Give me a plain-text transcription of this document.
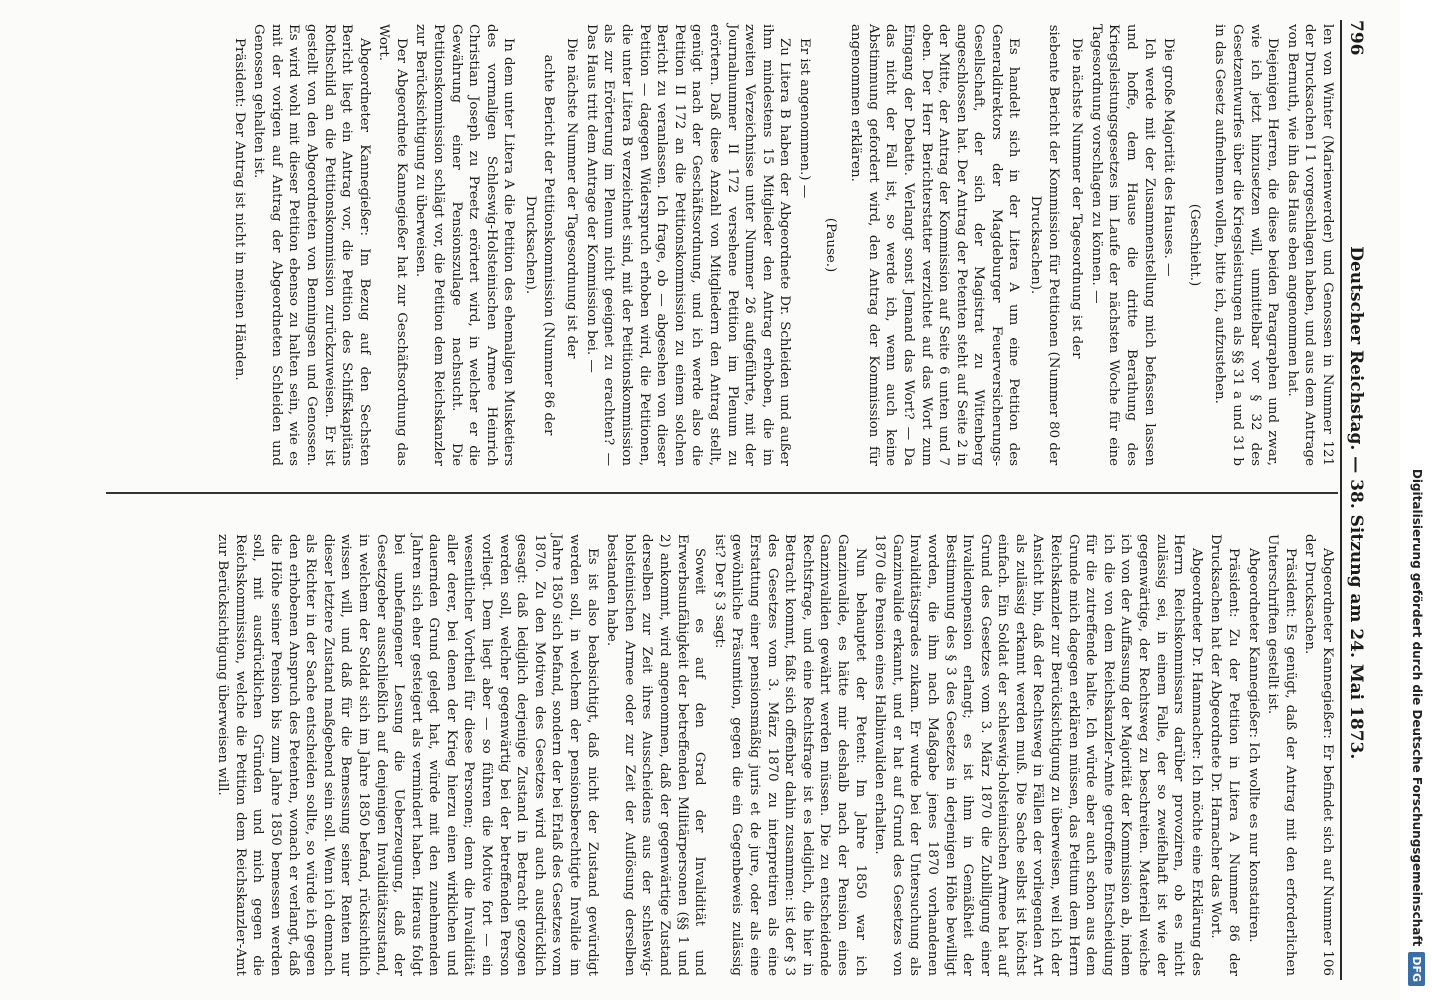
796
Deutscher Reichstag. — 38. Sitzung am 24. Mai 1873.

len von Winter (Marienwerder) und Genossen in Nummer 121 der Drucksachen I 1 vorgeschlagen haben, und aus dem Antrage von Bernuth, wie ihn das Haus eben angenommen hat.

Diejenigen Herren, die diese beiden Paragraphen und zwar, wie ich jetzt hinzusetzen will, unmittelbar vor § 32 des Gesetzentwurfes über die Kriegsleistungen als §§ 31 a und 31 b in das Gesetz aufnehmen wollen, bitte ich, aufzustehen.

(Geschieht.)

Die große Majorität des Hauses. —

Ich werde mit der Zusammenstellung mich befassen lassen und hoffe, dem Hause die dritte Berathung des Kriegsleistungsgesetzes im Laufe der nächsten Woche für eine Tagesordnung vorschlagen zu können. —

Die nächste Nummer der Tagesordnung ist der

siebente Bericht der Kommission für Petitionen (Nummer 80 der Drucksachen).

Es handelt sich in der Litera A um eine Petition des Generaldirektors der Magdeburger Feuerversicherungs-Gesellschaft, der sich der Magistrat zu Wittenberg angeschlossen hat. Der Antrag der Petenten steht auf Seite 2 in der Mitte, der Antrag der Kommission auf Seite 6 unten und 7 oben. Der Herr Berichterstatter verzichtet auf das Wort zum Eingang der Debatte. Verlangt sonst Jemand das Wort? — Da das nicht der Fall ist, so werde ich, wenn auch keine Abstimmung gefordert wird, den Antrag der Kommission für angenommen erklären.

(Pause.)

Er ist angenommen.) —

Zu Litera B haben der Abgeordnete Dr. Schleiden und außer ihm mindestens 15 Mitglieder den Antrag erhoben, die im zweiten Verzeichnisse unter Nummer 26 aufgeführte, mit der Journalnummer II 172 versehene Petition im Plenum zu erörtern. Daß diese Anzahl von Mitgliedern den Antrag stellt, genügt nach der Geschäftsordnung, und ich werde also die Petition II 172 an die Petitionskommission zu einem solchen Bericht zu veranlassen. Ich frage, ob — abgesehen von dieser Petition — dagegen Widerspruch erhoben wird, die Petitionen, die unter Litera B verzeichnet sind, mit der Petitionskommission als zur Erörterung im Plenum nicht geeignet zu erachten? — Das Haus tritt dem Antrage der Kommission bei. —

Die nächste Nummer der Tagesordnung ist der

achte Bericht der Petitionskommission (Nummer 86 der Drucksachen).

In dem unter Litera A die Petition des ehemaligen Musketiers des vormaligen Schleswig-Holsteinischen Armee Heinrich Christian Joseph zu Preetz erörtert wird, in welcher er die Gewährung einer Pensionszulage nachsucht. Die Petitionskommission schlägt vor, die Petition dem Reichskanzler zur Berücksichtigung zu überweisen.

Der Abgeordnete Kannegießer hat zur Geschäftsordnung das Wort.

Abgeordneter Kannegießer: Im Bezug auf den Sechsten Bericht liegt ein Antrag vor, die Petition des Schiffskapitäns Rothschild an die Petitionskommission zurückzuweisen. Er ist gestellt von den Abgeordneten von Benningsen und Genossen. Es wird wohl mit dieser Petition ebenso zu halten sein, wie es mit der vorigen auf Antrag der Abgeordneten Schleiden und Genossen gehalten ist.

Präsident: Der Antrag ist nicht in meinen Händen.

Abgeordneter Kannegießer: Er befindet sich auf Nummer 106 der Drucksachen.

Präsident: Es genügt, daß der Antrag mit den erforderlichen Unterschriften gestellt ist.

Abgeordneter Kannegießer: Ich wollte es nur konstatiren.

Präsident: Zu der Petition in Litera A Nummer 86 der Drucksachen hat der Abgeordnete Dr. Harnacher das Wort.

Abgeordneter Dr. Hammacher: Ich möchte eine Erklärung des Herrn Reichskommissars darüber provoziren, ob es nicht zulässig sei, in einem Falle, der so zweifelhaft ist wie der gegenwärtige, der Rechtsweg zu beschreiten. Materiell weiche ich von der Auffassung der Majorität der Kommission ab, indem ich die von dem Reichskanzler-Amte getroffene Entscheidung für die zutreffende halte. Ich würde aber auch schon aus dem Grunde mich dagegen erklären müssen, das Petitum dem Herrn Reichskanzler zur Berücksichtigung zu überweisen, weil ich der Ansicht bin, daß der Rechtsweg in Fällen der vorliegenden Art als zulässig erkannt werden muß. Die Sache selbst ist höchst einfach. Ein Soldat der schleswig-holsteinischen Armee hat auf Grund des Gesetzes vom 3. März 1870 die Zubilligung einer Invalidenpension erlangt; es ist ihm in Gemäßheit der Bestimmung des § 3 des Gesetzes in derjenigen Höhe bewilligt worden, die ihm nach Maßgabe jenes 1870 vorhandenen Invaliditätsgrades zukam. Er wurde bei der Untersuchung als Ganzinvalide erkannt, und er hat auf Grund des Gesetzes von 1870 die Pension eines Halbinvaliden erhalten.

Nun behauptet der Petent: Im Jahre 1850 war ich Ganzinvalide, es hätte mir deshalb nach der Pension eines Ganzinvaliden gewährt werden müssen. Die zu entscheidende Rechtsfrage, und eine Rechtsfrage ist es lediglich, die hier in Betracht kommt, faßt sich offenbar dahin zusammen: ist der § 3 des Gesetzes vom 3. März 1870 zu interpretiren als eine Erstattung einer pensionsmäßig juris et de jure, oder als eine gewöhnliche Präsumtion, gegen die ein Gegenbeweis zulässig ist? Der § 3 sagt:

Soweit es auf den Grad der Invalidität und Erwerbsunfähigkeit der betreffenden Militärpersonen (§§ 1 und 2) ankommt, wird angenommen, daß der gegenwärtige Zustand derselben zur Zeit ihres Ausscheidens aus der schleswig-holsteinischen Armee oder zur Zeit der Auflösung derselben bestanden habe.

Es ist also beabsichtigt, daß nicht der Zustand gewürdigt werden soll, in welchem der pensionsberechtigte Invalide im Jahre 1850 sich befand, sondern der bei Erlaß des Gesetzes vom 1870. Zu den Motiven des Gesetzes wird auch ausdrücklich gesagt: daß lediglich derjenige Zustand in Betracht gezogen werden soll, welcher gegenwärtig bei der betreffenden Person vorliegt. Dem liegt aber — so führen die Motive fort — ein wesentlicher Vortheil für diese Personen; denn die Invalidität aller derer, bei denen der Krieg hierzu einen wirklichen und dauernden Grund gelegt hat, würde mit den zunehmenden Jahren sich eher gesteigert als vermindert haben. Hieraus folgt bei unbefangener Lesung die Ueberzeugung, daß der Gesetzgeber ausschließlich auf denjenigen Invaliditätszustand, in welchem der Soldat sich im Jahre 1850 befand, rücksichtlich wissen will, und daß für die Bemessung seiner Renten nur dieser letztere Zustand maßgebend sein soll. Wenn ich demnach als Richter in der Sache entscheiden sollte, so würde ich gegen den erhobenen Anspruch des Petenten, wonach er verlangt, daß die Höhe seiner Pension bis zum Jahre 1850 bemessen werden soll, mit ausdrücklichen Gründen und mich gegen die Reichskommission, welche die Petition dem Reichskanzler-Amt zur Berücksichtigung überweisen will.	Digitalisierung gefördert durch die Deutsche Forschungsgemeinschaft
DFG
